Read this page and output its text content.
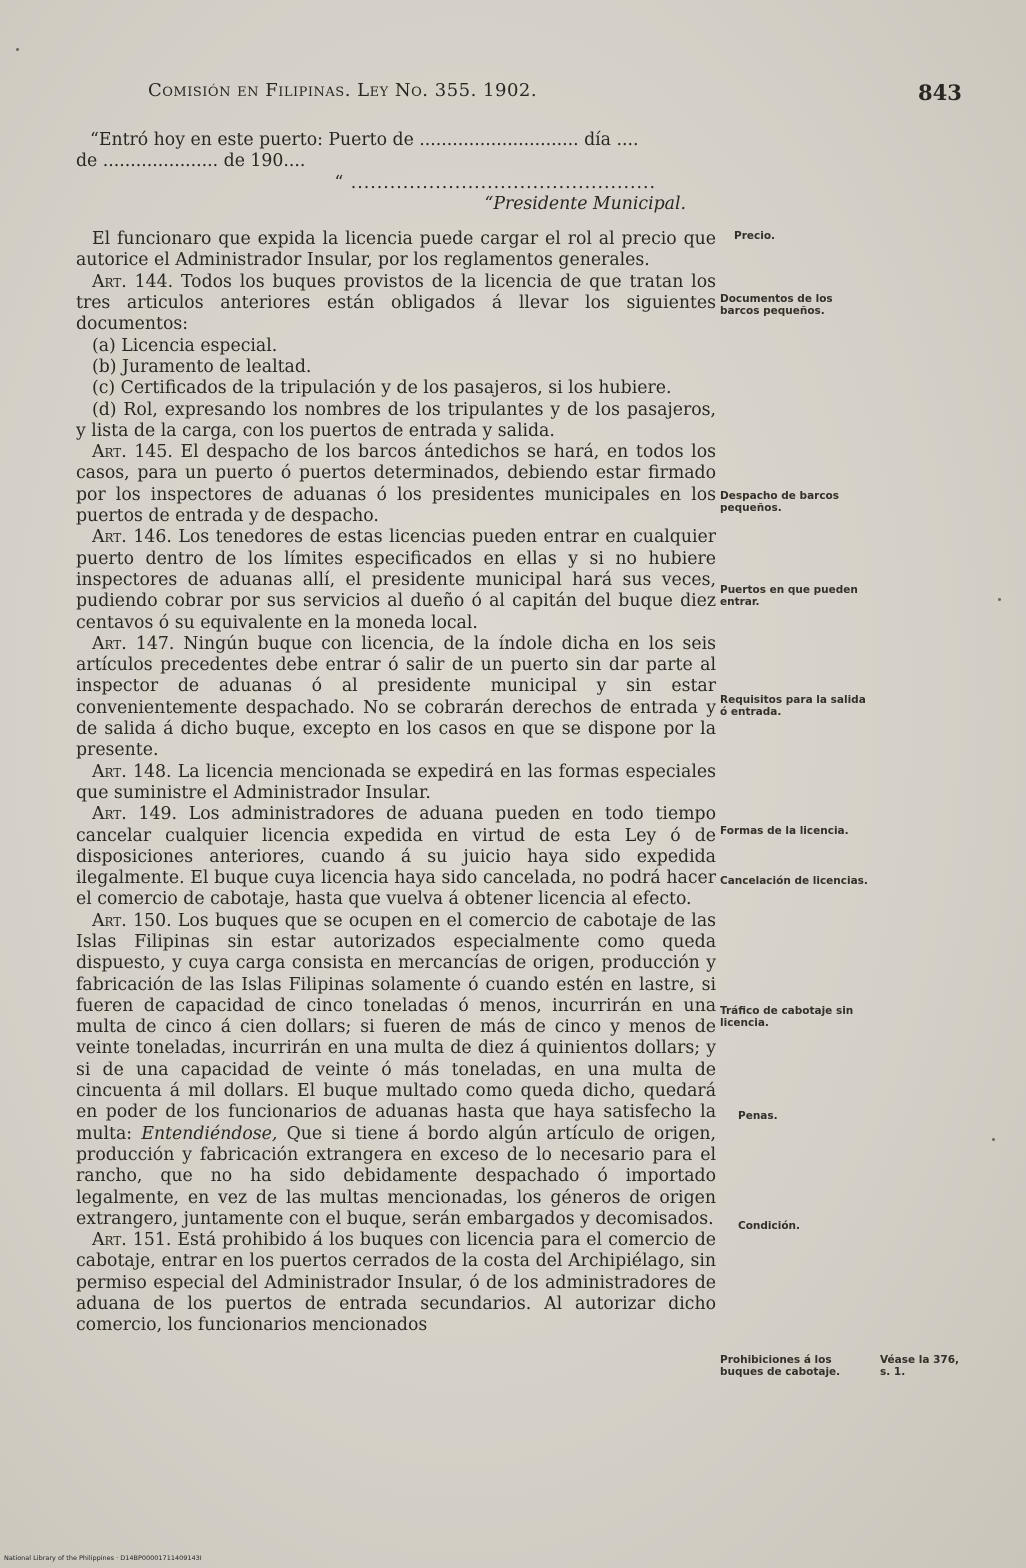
Comisión en Filipinas. Ley No. 355. 1902.	843

“Entró hoy en este puerto: Puerto de ............................. día ....

de ..................... de 190....

“ ...............................................

“Presidente Municipal.

El funcionaro que expida la licencia puede cargar el rol al precio que autorice el Administrador Insular, por los reglamentos generales.

Art. 144. Todos los buques provistos de la licencia de que tratan los tres articulos anteriores están obligados á llevar los siguientes documentos:

(a) Licencia especial.

(b) Juramento de lealtad.

(c) Certificados de la tripulación y de los pasajeros, si los hubiere.

(d) Rol, expresando los nombres de los tripulantes y de los pasajeros, y lista de la carga, con los puertos de entrada y salida.

Art. 145. El despacho de los barcos ántedichos se hará, en todos los casos, para un puerto ó puertos determinados, debiendo estar firmado por los inspectores de aduanas ó los presidentes municipales en los puertos de entrada y de despacho.

Art. 146. Los tenedores de estas licencias pueden entrar en cualquier puerto dentro de los límites especificados en ellas y si no hubiere inspectores de aduanas allí, el presidente municipal hará sus veces, pudiendo cobrar por sus servicios al dueño ó al capitán del buque diez centavos ó su equivalente en la moneda local.

Art. 147. Ningún buque con licencia, de la índole dicha en los seis artículos precedentes debe entrar ó salir de un puerto sin dar parte al inspector de aduanas ó al presidente municipal y sin estar convenientemente despachado. No se cobrarán derechos de entrada y de salida á dicho buque, excepto en los casos en que se dispone por la presente.

Art. 148. La licencia mencionada se expedirá en las formas especiales que suministre el Administrador Insular.

Art. 149. Los administradores de aduana pueden en todo tiempo cancelar cualquier licencia expedida en virtud de esta Ley ó de disposiciones anteriores, cuando á su juicio haya sido expedida ilegalmente. El buque cuya licencia haya sido cancelada, no podrá hacer el comercio de cabotaje, hasta que vuelva á obtener licencia al efecto.

Art. 150. Los buques que se ocupen en el comercio de cabotaje de las Islas Filipinas sin estar autorizados especialmente como queda dispuesto, y cuya carga consista en mercancías de origen, producción y fabricación de las Islas Filipinas solamente ó cuando estén en lastre, si fueren de capacidad de cinco toneladas ó menos, incurrirán en una multa de cinco á cien dollars; si fueren de más de cinco y menos de veinte toneladas, incurrirán en una multa de diez á quinientos dollars; y si de una capacidad de veinte ó más toneladas, en una multa de cincuenta á mil dollars. El buque multado como queda dicho, quedará en poder de los funcionarios de aduanas hasta que haya satisfecho la multa: Entendiéndose, Que si tiene á bordo algún artículo de origen, producción y fabricación extrangera en exceso de lo necesario para el rancho, que no ha sido debidamente despachado ó importado legalmente, en vez de las multas mencionadas, los géneros de origen extrangero, juntamente con el buque, serán embargados y decomisados.

Art. 151. Está prohibido á los buques con licencia para el comercio de cabotaje, entrar en los puertos cerrados de la costa del Archipiélago, sin permiso especial del Administrador Insular, ó de los administradores de aduana de los puertos de entrada secundarios. Al autorizar dicho comercio, los funcionarios mencionados

Precio.
Documentos de los barcos pequeños.
Despacho de barcos pequeños.
Puertos en que pueden entrar.
Requisitos para la salida ó entrada.
Formas de la licencia.
Cancelación de licencias.
Tráfico de cabotaje sin licencia.
Penas.
Condición.
Prohibiciones á los buques de cabotaje.
Véase la 376, s. 1.
National Library of the Philippines · D14BP00001711409143I
